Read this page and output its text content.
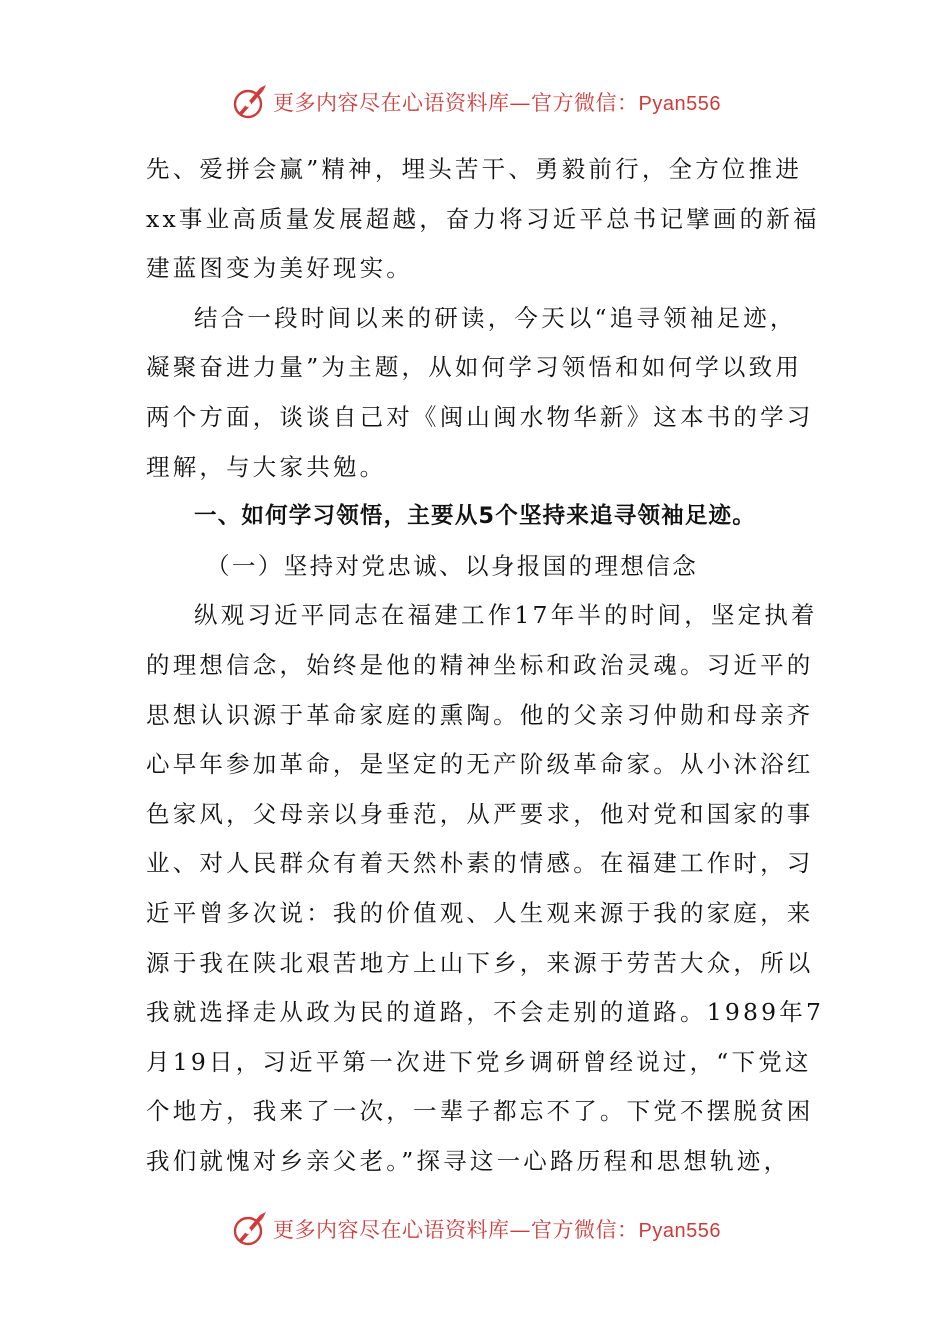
更多内容尽在心语资料库—官方微信：Pyan556
先、爱拼会赢”精神，埋头苦干、勇毅前行，全方位推进
xx事业高质量发展超越，奋力将习近平总书记擘画的新福
建蓝图变为美好现实。
结合一段时间以来的研读，今天以“追寻领袖足迹，
凝聚奋进力量”为主题，从如何学习领悟和如何学以致用
两个方面，谈谈自己对《闽山闽水物华新》这本书的学习
理解，与大家共勉。
一、如何学习领悟，主要从5个坚持来追寻领袖足迹。
（一）坚持对党忠诚、以身报国的理想信念
纵观习近平同志在福建工作17年半的时间，坚定执着
的理想信念，始终是他的精神坐标和政治灵魂。习近平的
思想认识源于革命家庭的熏陶。他的父亲习仲勋和母亲齐
心早年参加革命，是坚定的无产阶级革命家。从小沐浴红
色家风，父母亲以身垂范，从严要求，他对党和国家的事
业、对人民群众有着天然朴素的情感。在福建工作时，习
近平曾多次说：我的价值观、人生观来源于我的家庭，来
源于我在陕北艰苦地方上山下乡，来源于劳苦大众，所以
我就选择走从政为民的道路，不会走别的道路。1989年7
月19日，习近平第一次进下党乡调研曾经说过，“下党这
个地方，我来了一次，一辈子都忘不了。下党不摆脱贫困
我们就愧对乡亲父老。”探寻这一心路历程和思想轨迹，
更多内容尽在心语资料库—官方微信：Pyan556
